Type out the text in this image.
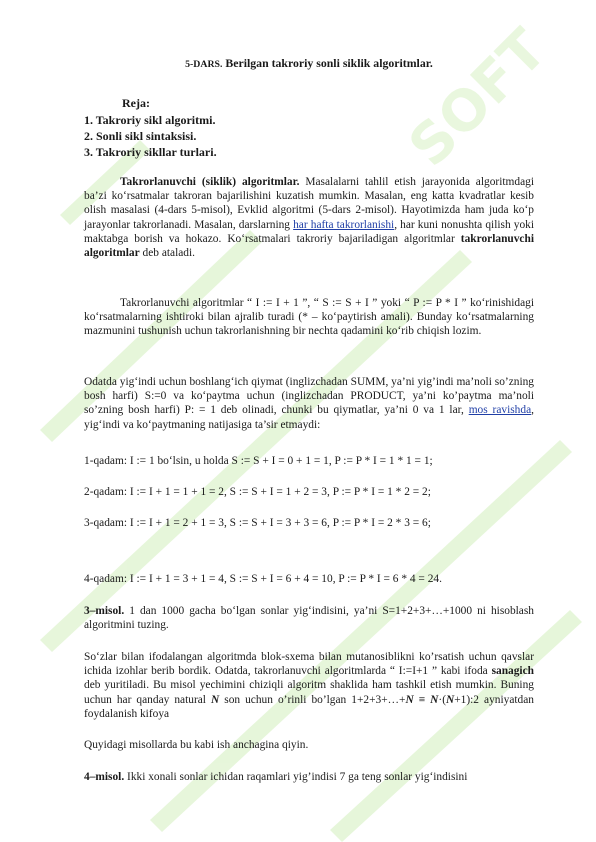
SOFT
5-DARS. Berilgan takroriy sonli siklik algoritmlar.
Reja:
1. Takroriy sikl algoritmi.
2. Sonli sikl sintaksisi.
3. Takroriy sikllar turlari.
Takrorlanuvchi (siklik) algoritmlar. Masalalarni tahlil etish jarayonida algoritmdagi ba’zi ko‘rsatmalar takroran bajarilishini kuzatish mumkin. Masalan, eng katta kvadratlar kesib olish masalasi (4-dars 5-misol), Evklid algoritmi (5-dars 2-misol). Hayotimizda ham juda ko‘p jarayonlar takrorlanadi. Masalan, darslarning har hafta takrorlanishi, har kuni nonushta qilish yoki maktabga borish va hokazo. Ko‘rsatmalari takroriy bajariladigan algoritmlar takrorlanuvchi algoritmlar deb ataladi.
Takrorlanuvchi algoritmlar “ I := I + 1 ”, “ S := S + I ” yoki “ P := P * I ” ko‘rinishidagi ko‘rsatmalarning ishtiroki bilan ajralib turadi (* – ko‘paytirish amali). Bunday ko‘rsatmalarning mazmunini tushunish uchun takrorlanishning bir nechta qadamini ko‘rib chiqish lozim.
Odatda yig‘indi uchun boshlang‘ich qiymat (inglizchadan SUMM, ya’ni yig’indi ma’noli so’zning bosh harfi) S:=0 va ko‘paytma uchun (inglizchadan PRODUCT, ya’ni ko’paytma ma’noli so’zning bosh harfi) P: = 1 deb olinadi, chunki bu qiymatlar, ya’ni 0 va 1 lar, mos ravishda, yig‘indi va ko‘paytmaning natijasiga ta’sir etmaydi:
1-qadam: I := 1 bo‘lsin, u holda S := S + I = 0 + 1 = 1, P := P * I = 1 * 1 = 1;
2-qadam: I := I + 1 = 1 + 1 = 2, S := S + I = 1 + 2 = 3, P := P * I = 1 * 2 = 2;
3-qadam: I := I + 1 = 2 + 1 = 3, S := S + I = 3 + 3 = 6, P := P * I = 2 * 3 = 6;
4-qadam: I := I + 1 = 3 + 1 = 4, S := S + I = 6 + 4 = 10, P := P * I = 6 * 4 = 24.
3–misol. 1 dan 1000 gacha bo‘lgan sonlar yig‘indisini, ya’ni S=1+2+3+…+1000 ni hisoblash algoritmini tuzing.
So‘zlar bilan ifodalangan algoritmda blok-sxema bilan mutanosiblikni ko’rsatish uchun qavslar ichida izohlar berib bordik. Odatda, takrorlanuvchi algoritmlarda “ I:=I+1 ” kabi ifoda sanagich deb yuritiladi. Bu misol yechimini chiziqli algoritm shaklida ham tashkil etish mumkin. Buning uchun har qanday natural N son uchun o’rinli bo’lgan 1+2+3+…+N ≡ N·(N+1):2 ayniyatdan foydalanish kifoya
Quyidagi misollarda bu kabi ish anchagina qiyin.
4–misol. Ikki xonali sonlar ichidan raqamlari yig’indisi 7 ga teng sonlar yig‘indisini
